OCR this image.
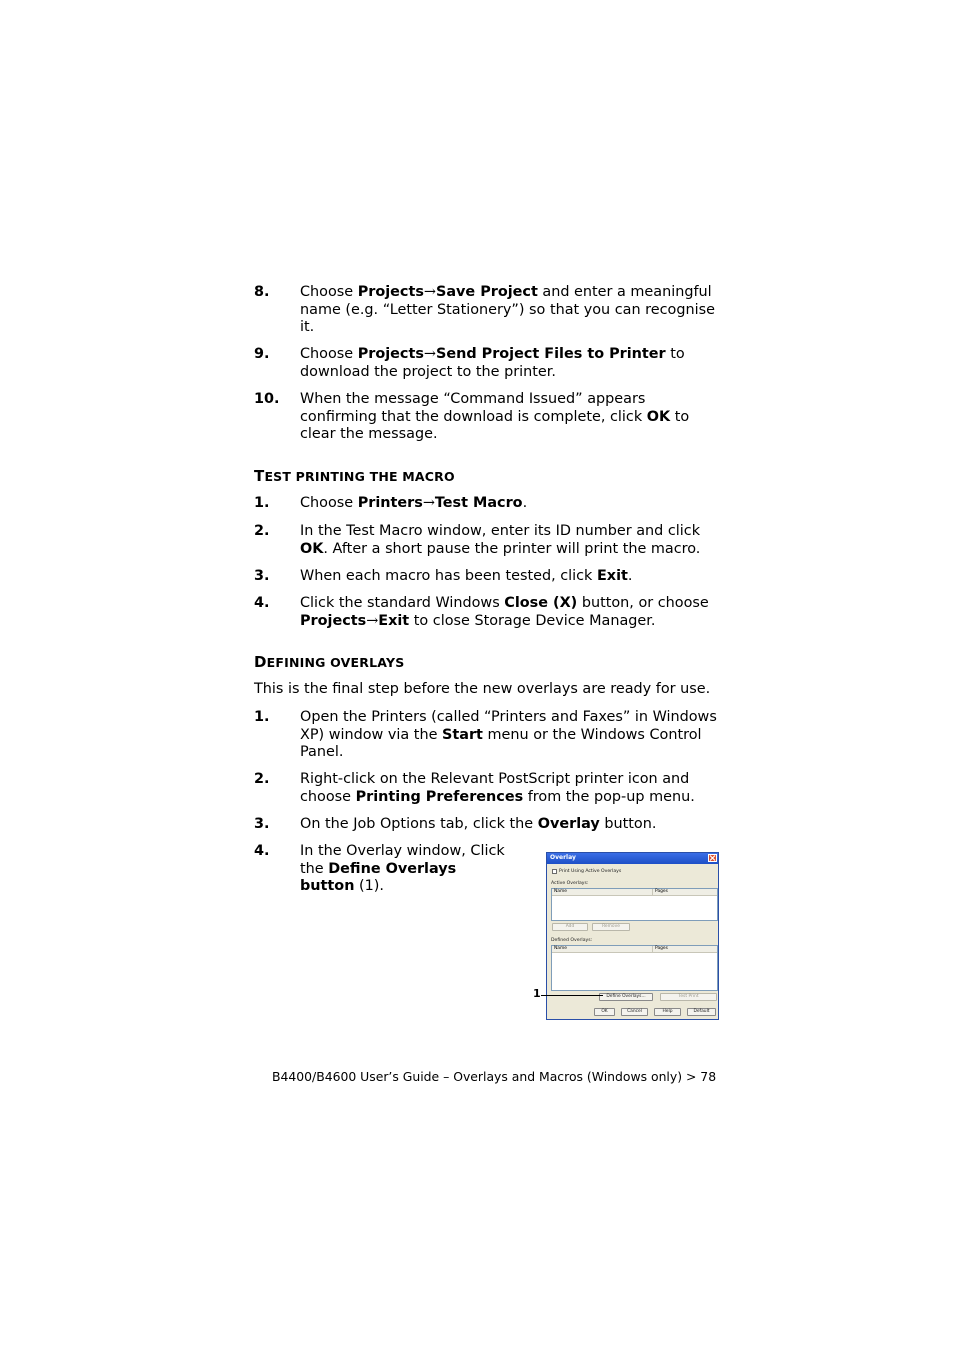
8. Choose Projects→Save Project and enter a meaningful name (e.g. “Letter Stationery”) so that you can recognise it.
9. Choose Projects→Send Project Files to Printer to download the project to the printer.
10. When the message “Command Issued” appears confirming that the download is complete, click OK to clear the message.
TEST PRINTING THE MACRO
1. Choose Printers→Test Macro.
2. In the Test Macro window, enter its ID number and click OK. After a short pause the printer will print the macro.
3. When each macro has been tested, click Exit.
4. Click the standard Windows Close (X) button, or choose Projects→Exit to close Storage Device Manager.
DEFINING OVERLAYS
This is the final step before the new overlays are ready for use.
1. Open the Printers (called “Printers and Faxes” in Windows XP) window via the Start menu or the Windows Control Panel.
2. Right-click on the Relevant PostScript printer icon and choose Printing Preferences from the pop-up menu.
3. On the Job Options tab, click the Overlay button.
4. In the Overlay window, Click the Define Overlays button (1).
Overlay
Print Using Active Overlays
Active Overlays:
Name	Pages
Add	Remove
Defined Overlays:
Name	Pages
Define Overlays...	Test Print
OK	Cancel	Help	Default
1
B4400/B4600 User’s Guide – Overlays and Macros (Windows only) > 78
